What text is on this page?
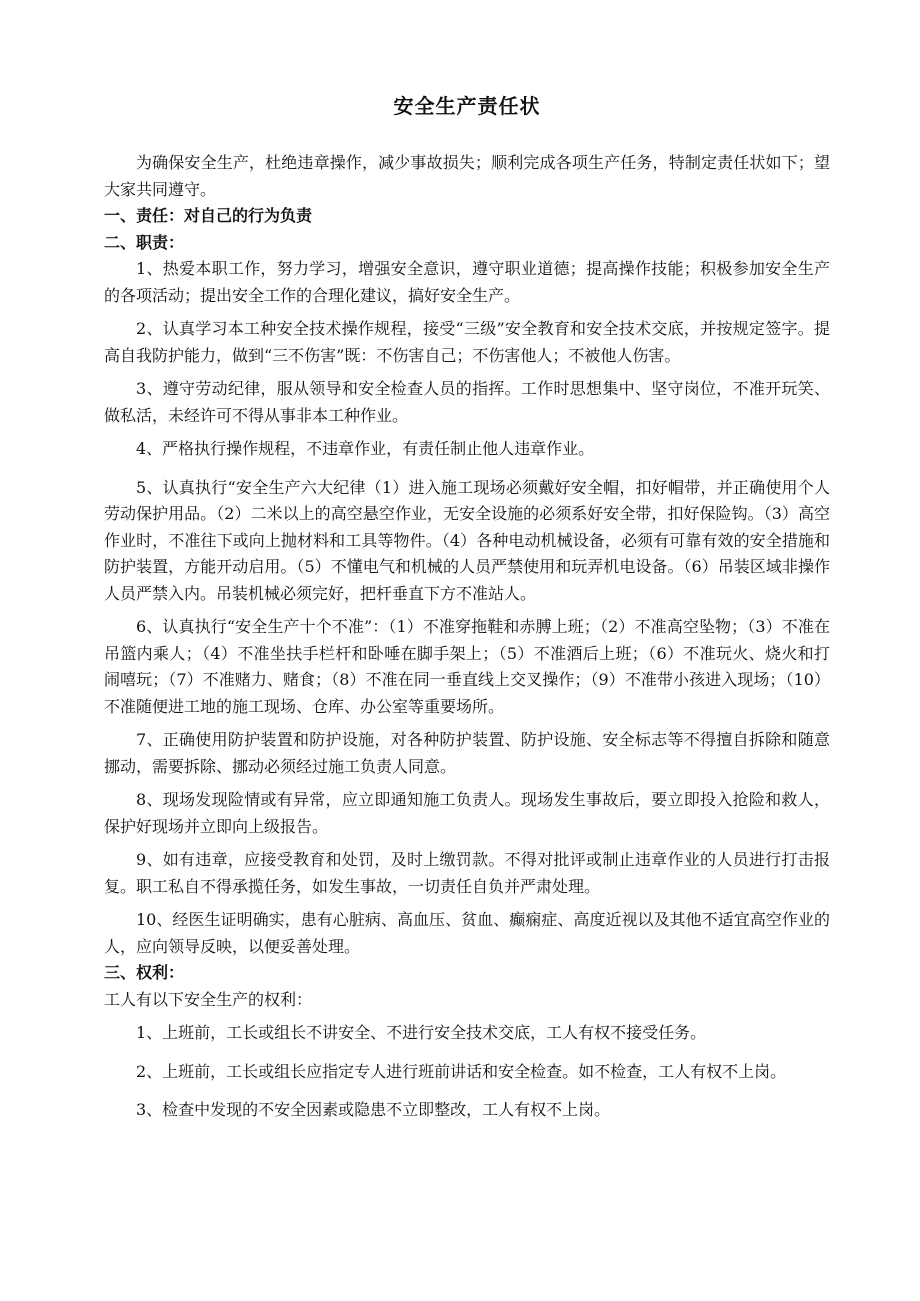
安全生产责任状

为确保安全生产，杜绝违章操作，减少事故损失；顺利完成各项生产任务，特制定责任状如下；望大家共同遵守。

一、责任：对自己的行为负责

二、职责：

1、热爱本职工作，努力学习，增强安全意识，遵守职业道德；提高操作技能；积极参加安全生产的各项活动；提出安全工作的合理化建议，搞好安全生产。

2、认真学习本工种安全技术操作规程，接受“三级”安全教育和安全技术交底，并按规定签字。提高自我防护能力，做到“三不伤害”既：不伤害自己；不伤害他人；不被他人伤害。

3、遵守劳动纪律，服从领导和安全检查人员的指挥。工作时思想集中、坚守岗位，不准开玩笑、做私活，未经许可不得从事非本工种作业。

4、严格执行操作规程，不违章作业，有责任制止他人违章作业。

5、认真执行“安全生产六大纪律（1）进入施工现场必须戴好安全帽，扣好帽带，并正确使用个人劳动保护用品。（2）二米以上的高空悬空作业，无安全设施的必须系好安全带，扣好保险钩。（3）高空作业时，不准往下或向上抛材料和工具等物件。（4）各种电动机械设备，必须有可靠有效的安全措施和防护装置，方能开动启用。（5）不懂电气和机械的人员严禁使用和玩弄机电设备。（6）吊装区域非操作人员严禁入内。吊装机械必须完好，把杆垂直下方不准站人。

6、认真执行“安全生产十个不准”：（1）不准穿拖鞋和赤膊上班；（2）不准高空坠物；（3）不准在吊篮内乘人；（4）不准坐扶手栏杆和卧唾在脚手架上；（5）不准酒后上班；（6）不准玩火、烧火和打闹嘻玩；（7）不准赌力、赌食；（8）不准在同一垂直线上交叉操作；（9）不准带小孩进入现场；（10）不准随便进工地的施工现场、仓库、办公室等重要场所。

7、正确使用防护装置和防护设施，对各种防护装置、防护设施、安全标志等不得擅自拆除和随意挪动，需要拆除、挪动必须经过施工负责人同意。

8、现场发现险情或有异常，应立即通知施工负责人。现场发生事故后，要立即投入抢险和救人，保护好现场并立即向上级报告。

9、如有违章，应接受教育和处罚，及时上缴罚款。不得对批评或制止违章作业的人员进行打击报复。职工私自不得承揽任务，如发生事故，一切责任自负并严肃处理。

10、经医生证明确实，患有心脏病、高血压、贫血、癫痫症、高度近视以及其他不适宜高空作业的人，应向领导反映，以便妥善处理。

三、权利：

工人有以下安全生产的权利：

1、上班前，工长或组长不讲安全、不进行安全技术交底，工人有权不接受任务。

2、上班前，工长或组长应指定专人进行班前讲话和安全检查。如不检查，工人有权不上岗。

3、检查中发现的不安全因素或隐患不立即整改，工人有权不上岗。
